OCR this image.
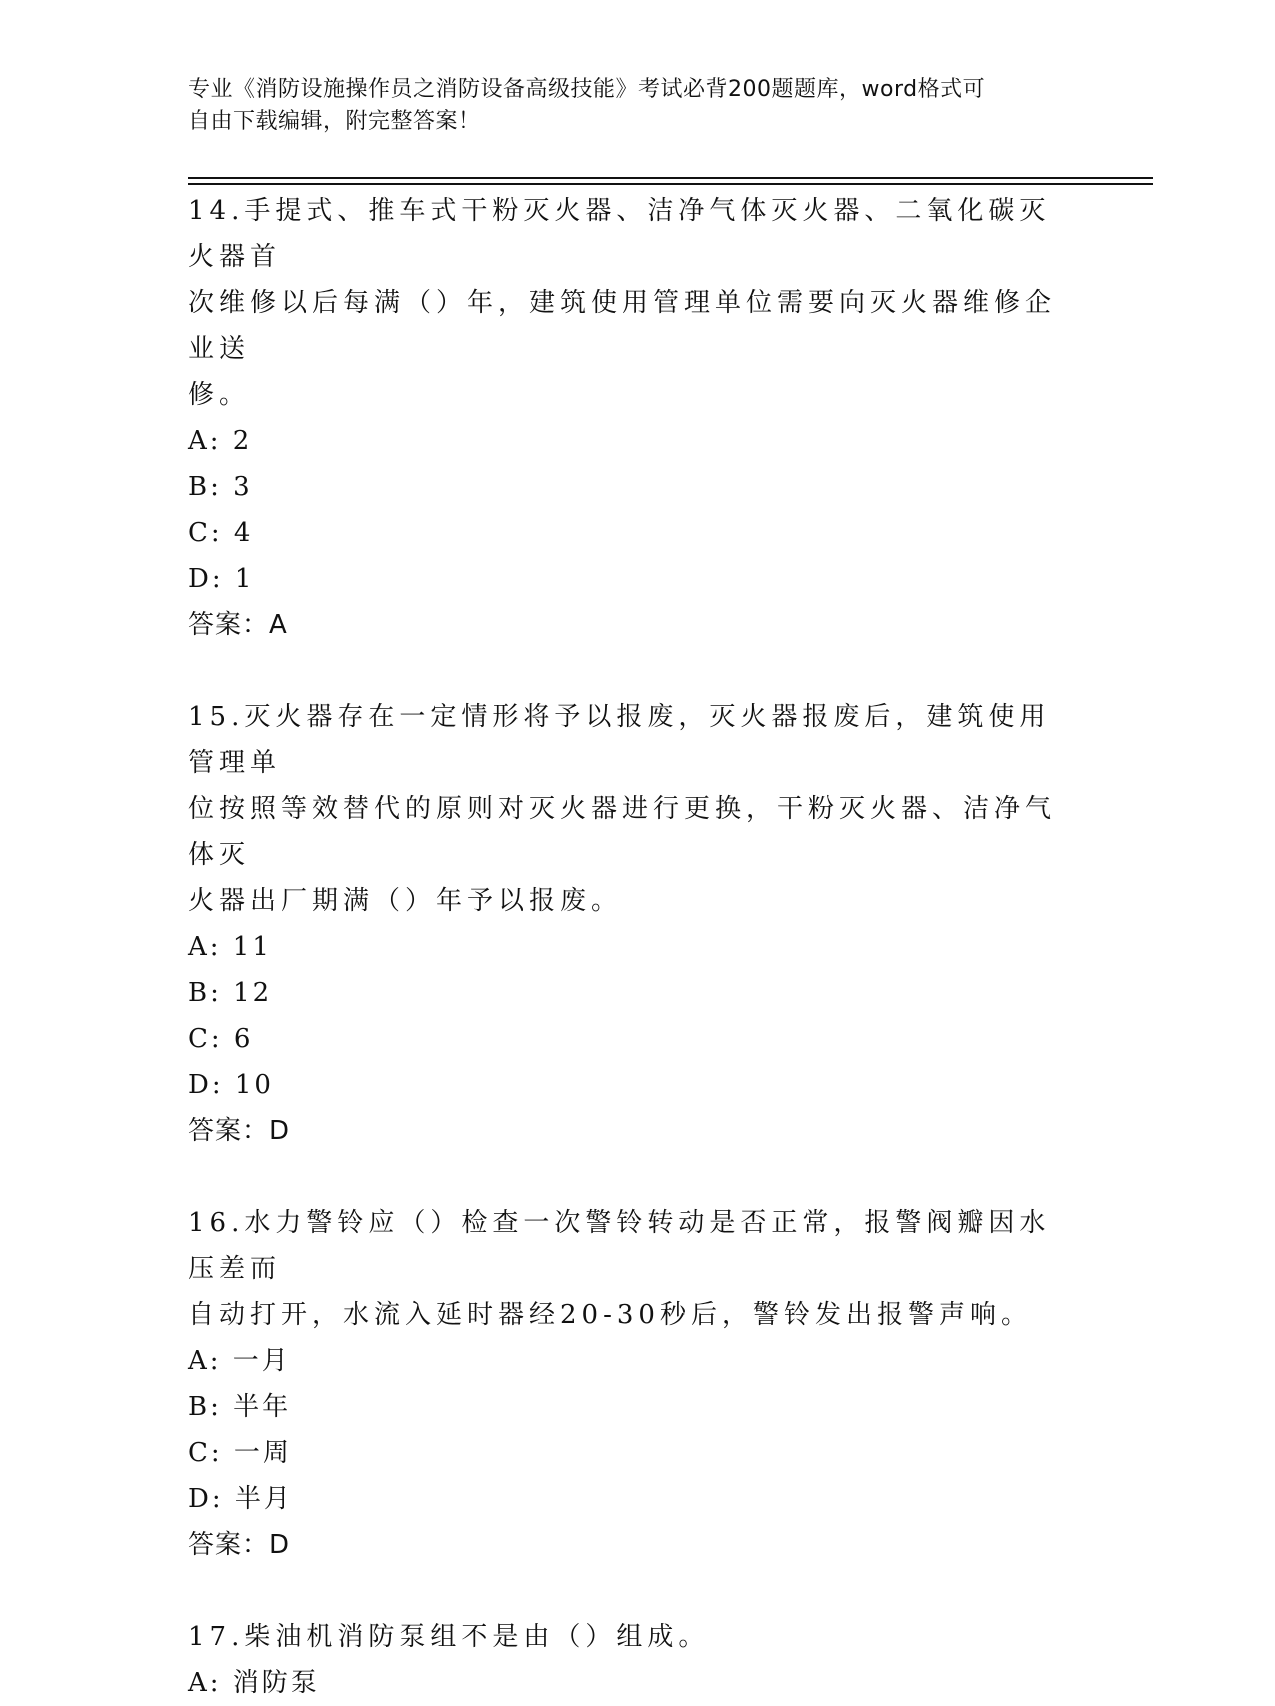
专业《消防设施操作员之消防设备高级技能》考试必背200题题库，word格式可
自由下载编辑，附完整答案！
14.手提式、推车式干粉灭火器、洁净气体灭火器、二氧化碳灭火器首
次维修以后每满（）年，建筑使用管理单位需要向灭火器维修企业送
修。
A: 2
B: 3
C: 4
D: 1
答案：A
15.灭火器存在一定情形将予以报废，灭火器报废后，建筑使用管理单
位按照等效替代的原则对灭火器进行更换，干粉灭火器、洁净气体灭
火器出厂期满（）年予以报废。
A: 11
B: 12
C: 6
D: 10
答案：D
16.水力警铃应（）检查一次警铃转动是否正常，报警阀瓣因水压差而
自动打开，水流入延时器经20-30秒后，警铃发出报警声响。
A: 一月
B: 半年
C: 一周
D: 半月
答案：D
17.柴油机消防泵组不是由（）组成。
A: 消防泵
